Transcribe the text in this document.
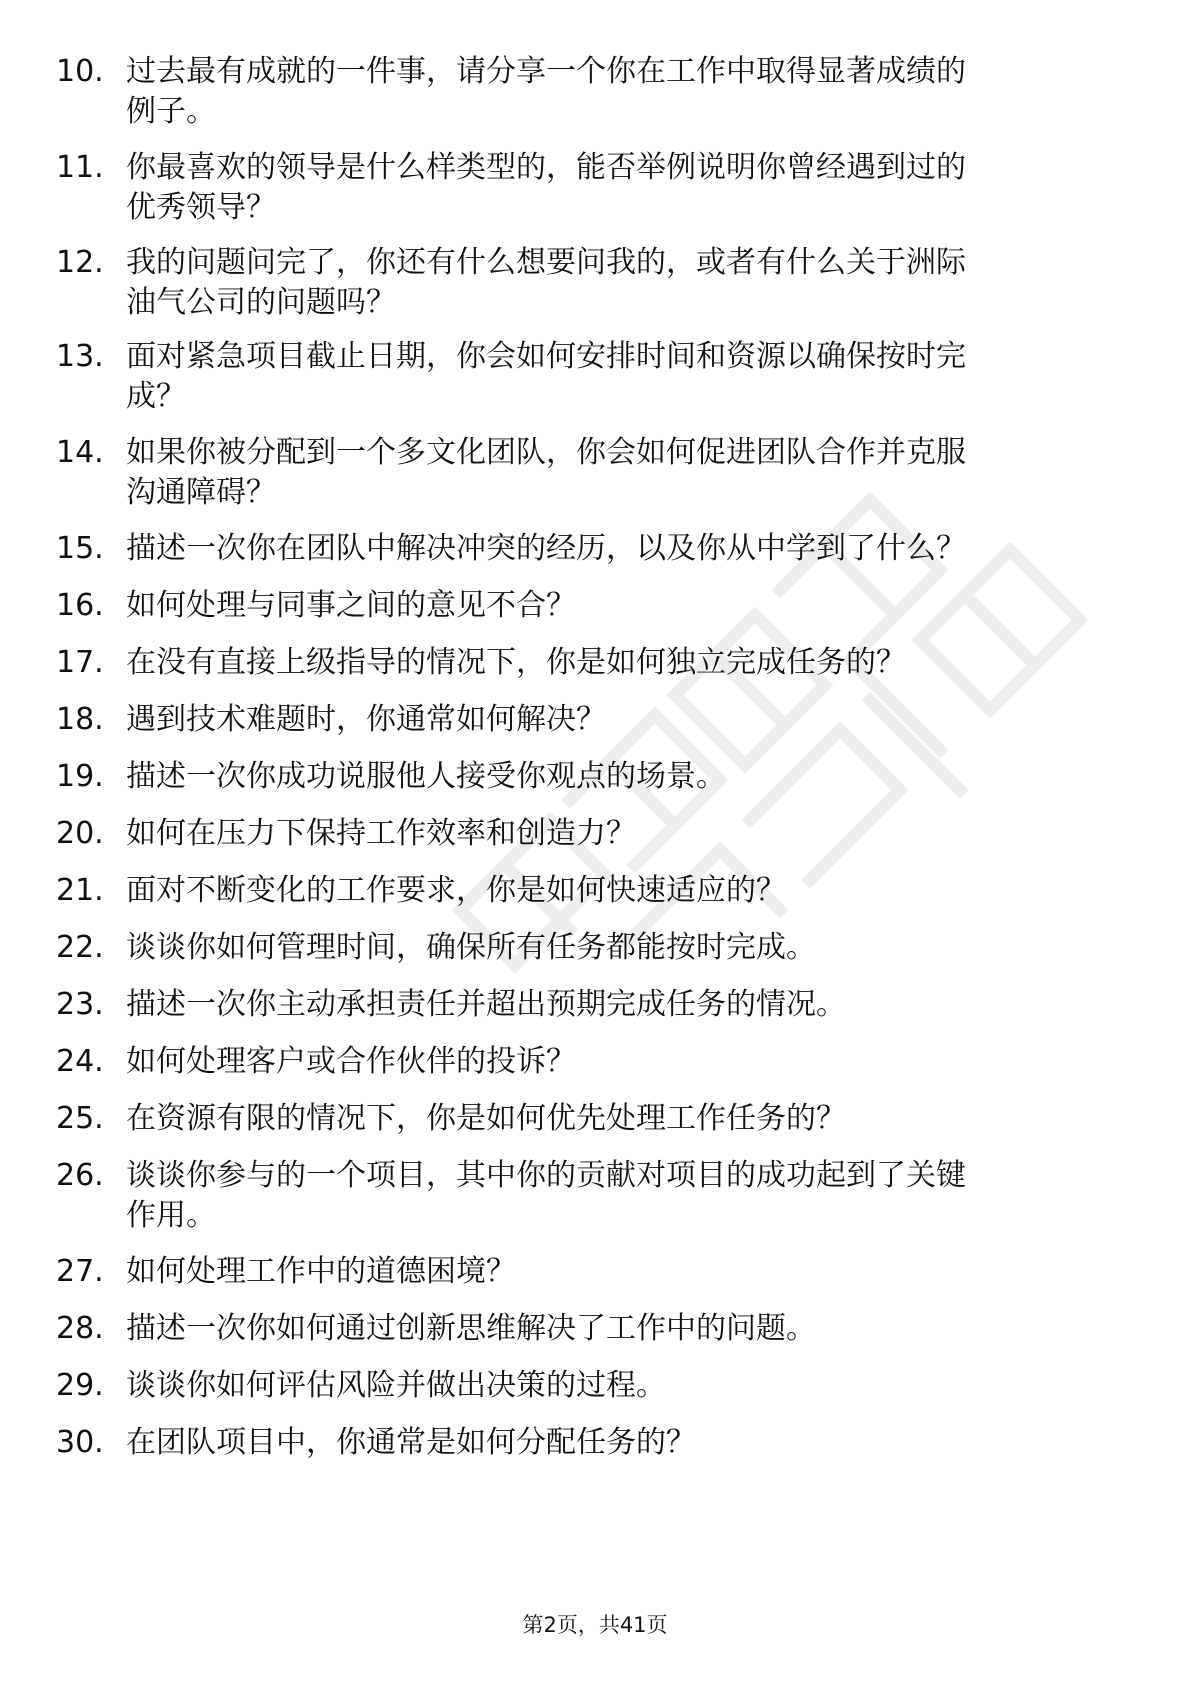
10. 过去最有成就的一件事，请分享一个你在工作中取得显著成绩的
例子。
11. 你最喜欢的领导是什么样类型的，能否举例说明你曾经遇到过的
优秀领导？
12. 我的问题问完了，你还有什么想要问我的，或者有什么关于洲际
油气公司的问题吗？
13. 面对紧急项目截止日期，你会如何安排时间和资源以确保按时完
成？
14. 如果你被分配到一个多文化团队，你会如何促进团队合作并克服
沟通障碍？
15. 描述一次你在团队中解决冲突的经历，以及你从中学到了什么？
16. 如何处理与同事之间的意见不合？
17. 在没有直接上级指导的情况下，你是如何独立完成任务的？
18. 遇到技术难题时，你通常如何解决？
19. 描述一次你成功说服他人接受你观点的场景。
20. 如何在压力下保持工作效率和创造力？
21. 面对不断变化的工作要求，你是如何快速适应的？
22. 谈谈你如何管理时间，确保所有任务都能按时完成。
23. 描述一次你主动承担责任并超出预期完成任务的情况。
24. 如何处理客户或合作伙伴的投诉？
25. 在资源有限的情况下，你是如何优先处理工作任务的？
26. 谈谈你参与的一个项目，其中你的贡献对项目的成功起到了关键
作用。
27. 如何处理工作中的道德困境？
28. 描述一次你如何通过创新思维解决了工作中的问题。
29. 谈谈你如何评估风险并做出决策的过程。
30. 在团队项目中，你通常是如何分配任务的？
第2页，共41页
